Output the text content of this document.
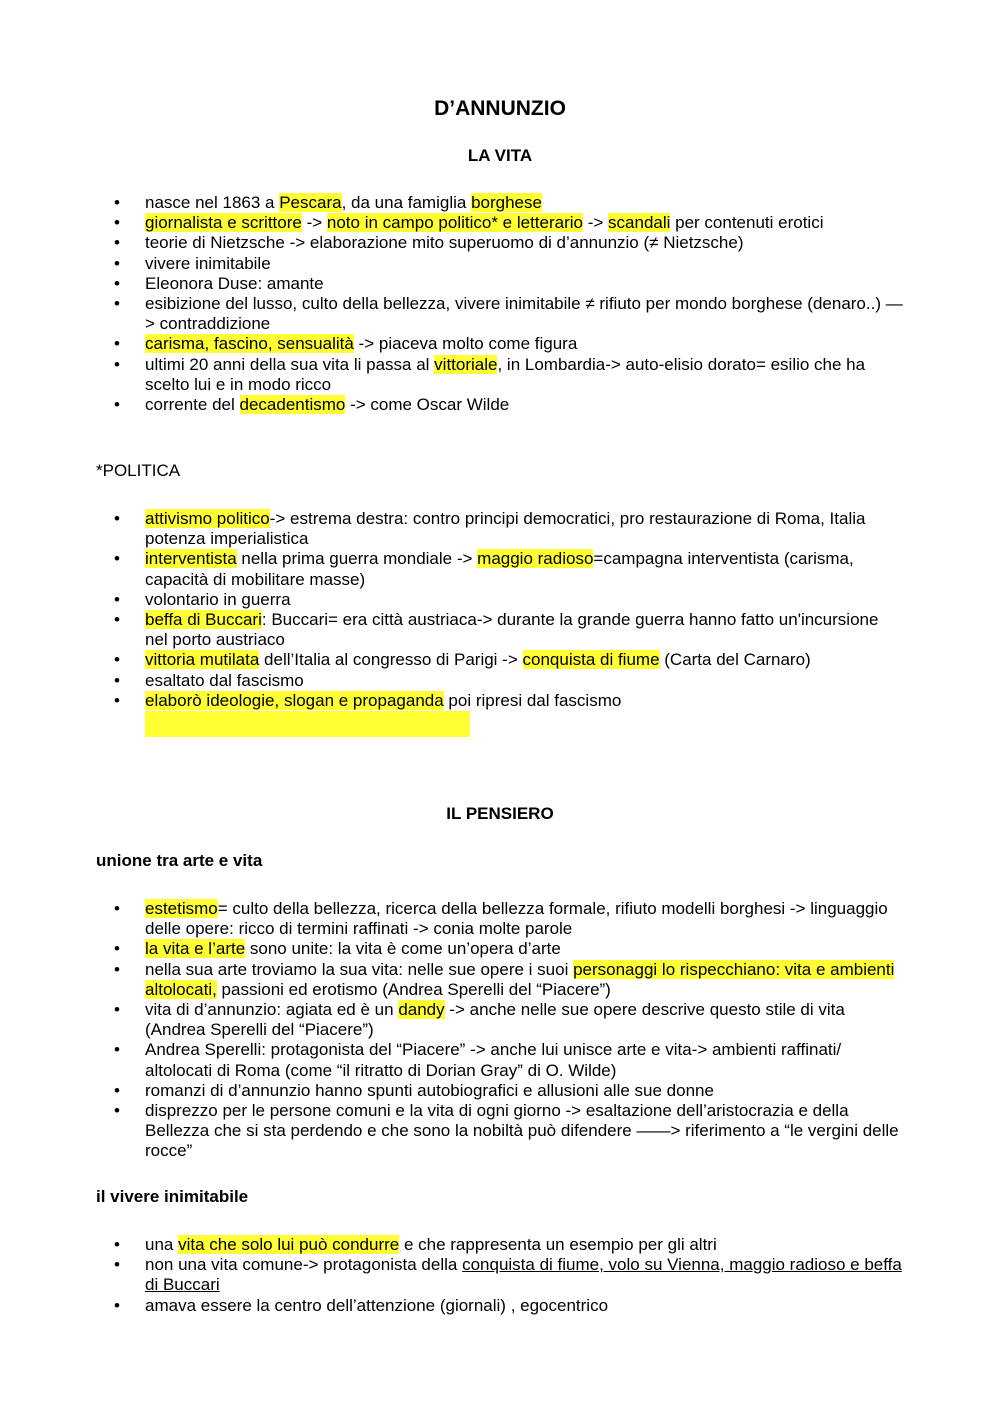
D’ANNUNZIO
LA VITA
• nasce nel 1863 a Pescara, da una famiglia borghese
• giornalista e scrittore -> noto in campo politico* e letterario -> scandali per contenuti erotici
• teorie di Nietzsche -> elaborazione mito superuomo di d’annunzio (≠ Nietzsche)
• vivere inimitabile
• Eleonora Duse: amante
• esibizione del lusso, culto della bellezza, vivere inimitabile ≠ rifiuto per mondo borghese (denaro..) —> contraddizione
• carisma, fascino, sensualità -> piaceva molto come figura
• ultimi 20 anni della sua vita li passa al vittoriale, in Lombardia-> auto-elisio dorato= esilio che ha scelto lui e in modo ricco
• corrente del decadentismo -> come Oscar Wilde
*POLITICA
• attivismo politico-> estrema destra: contro principi democratici, pro restaurazione di Roma, Italia potenza imperialistica
• interventista nella prima guerra mondiale -> maggio radioso=campagna interventista (carisma, capacità di mobilitare masse)
• volontario in guerra
• beffa di Buccari: Buccari= era città austriaca-> durante la grande guerra hanno fatto un'incursione nel porto austriaco
• vittoria mutilata dell’Italia al congresso di Parigi -> conquista di fiume (Carta del Carnaro)
• esaltato dal fascismo
• elaborò ideologie, slogan e propaganda poi ripresi dal fascismo
IL PENSIERO
unione tra arte e vita
• estetismo= culto della bellezza, ricerca della bellezza formale, rifiuto modelli borghesi -> linguaggio delle opere: ricco di termini raffinati -> conia molte parole
• la vita e l’arte sono unite: la vita è come un’opera d’arte
• nella sua arte troviamo la sua vita: nelle sue opere i suoi personaggi lo rispecchiano: vita e ambienti altolocati, passioni ed erotismo (Andrea Sperelli del “Piacere”)
• vita di d’annunzio: agiata ed è un dandy -> anche nelle sue opere descrive questo stile di vita (Andrea Sperelli del “Piacere”)
• Andrea Sperelli: protagonista del “Piacere” -> anche lui unisce arte e vita-> ambienti raffinati/ altolocati di Roma (come “il ritratto di Dorian Gray” di O. Wilde)
• romanzi di d’annunzio hanno spunti autobiografici e allusioni alle sue donne
• disprezzo per le persone comuni e la vita di ogni giorno -> esaltazione dell’aristocrazia e della Bellezza che si sta perdendo e che sono la nobiltà può difendere ——> riferimento a “le vergini delle rocce”
il vivere inimitabile
• una vita che solo lui può condurre e che rappresenta un esempio per gli altri
• non una vita comune-> protagonista della conquista di fiume, volo su Vienna, maggio radioso e beffa di Buccari
• amava essere la centro dell’attenzione (giornali) , egocentrico
